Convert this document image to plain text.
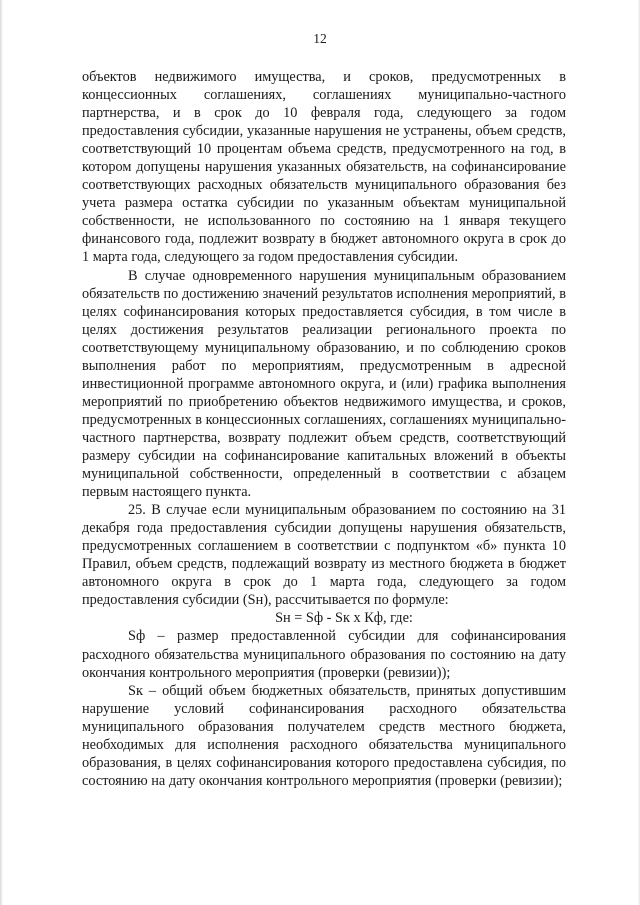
12

объектов недвижимого имущества, и сроков, предусмотренных в концессионных соглашениях, соглашениях муниципально-частного партнерства, и в срок до 10 февраля года, следующего за годом предоставления субсидии, указанные нарушения не устранены, объем средств, соответствующий 10 процентам объема средств, предусмотренного на год, в котором допущены нарушения указанных обязательств, на софинансирование соответствующих расходных обязательств муниципального образования без учета размера остатка субсидии по указанным объектам муниципальной собственности, не использованного по состоянию на 1 января текущего финансового года, подлежит возврату в бюджет автономного округа в срок до 1 марта года, следующего за годом предоставления субсидии.

В случае одновременного нарушения муниципальным образованием обязательств по достижению значений результатов исполнения мероприятий, в целях софинансирования которых предоставляется субсидия, в том числе в целях достижения результатов реализации регионального проекта по соответствующему муниципальному образованию, и по соблюдению сроков выполнения работ по мероприятиям, предусмотренным в адресной инвестиционной программе автономного округа, и (или) графика выполнения мероприятий по приобретению объектов недвижимого имущества, и сроков, предусмотренных в концессионных соглашениях, соглашениях муниципально-частного партнерства, возврату подлежит объем средств, соответствующий размеру субсидии на софинансирование капитальных вложений в объекты муниципальной собственности, определенный в соответствии с абзацем первым настоящего пункта.

25. В случае если муниципальным образованием по состоянию на 31 декабря года предоставления субсидии допущены нарушения обязательств, предусмотренных соглашением в соответствии с подпунктом «б» пункта 10 Правил, объем средств, подлежащий возврату из местного бюджета в бюджет автономного округа в срок до 1 марта года, следующего за годом предоставления субсидии (Sн), рассчитывается по формуле:

Sн = Sф - Sк х Кф, где:

Sф – размер предоставленной субсидии для софинансирования расходного обязательства муниципального образования по состоянию на дату окончания контрольного мероприятия (проверки (ревизии));

Sк – общий объем бюджетных обязательств, принятых допустившим нарушение условий софинансирования расходного обязательства муниципального образования получателем средств местного бюджета, необходимых для исполнения расходного обязательства муниципального образования, в целях софинансирования которого предоставлена субсидия, по состоянию на дату окончания контрольного мероприятия (проверки (ревизии);
